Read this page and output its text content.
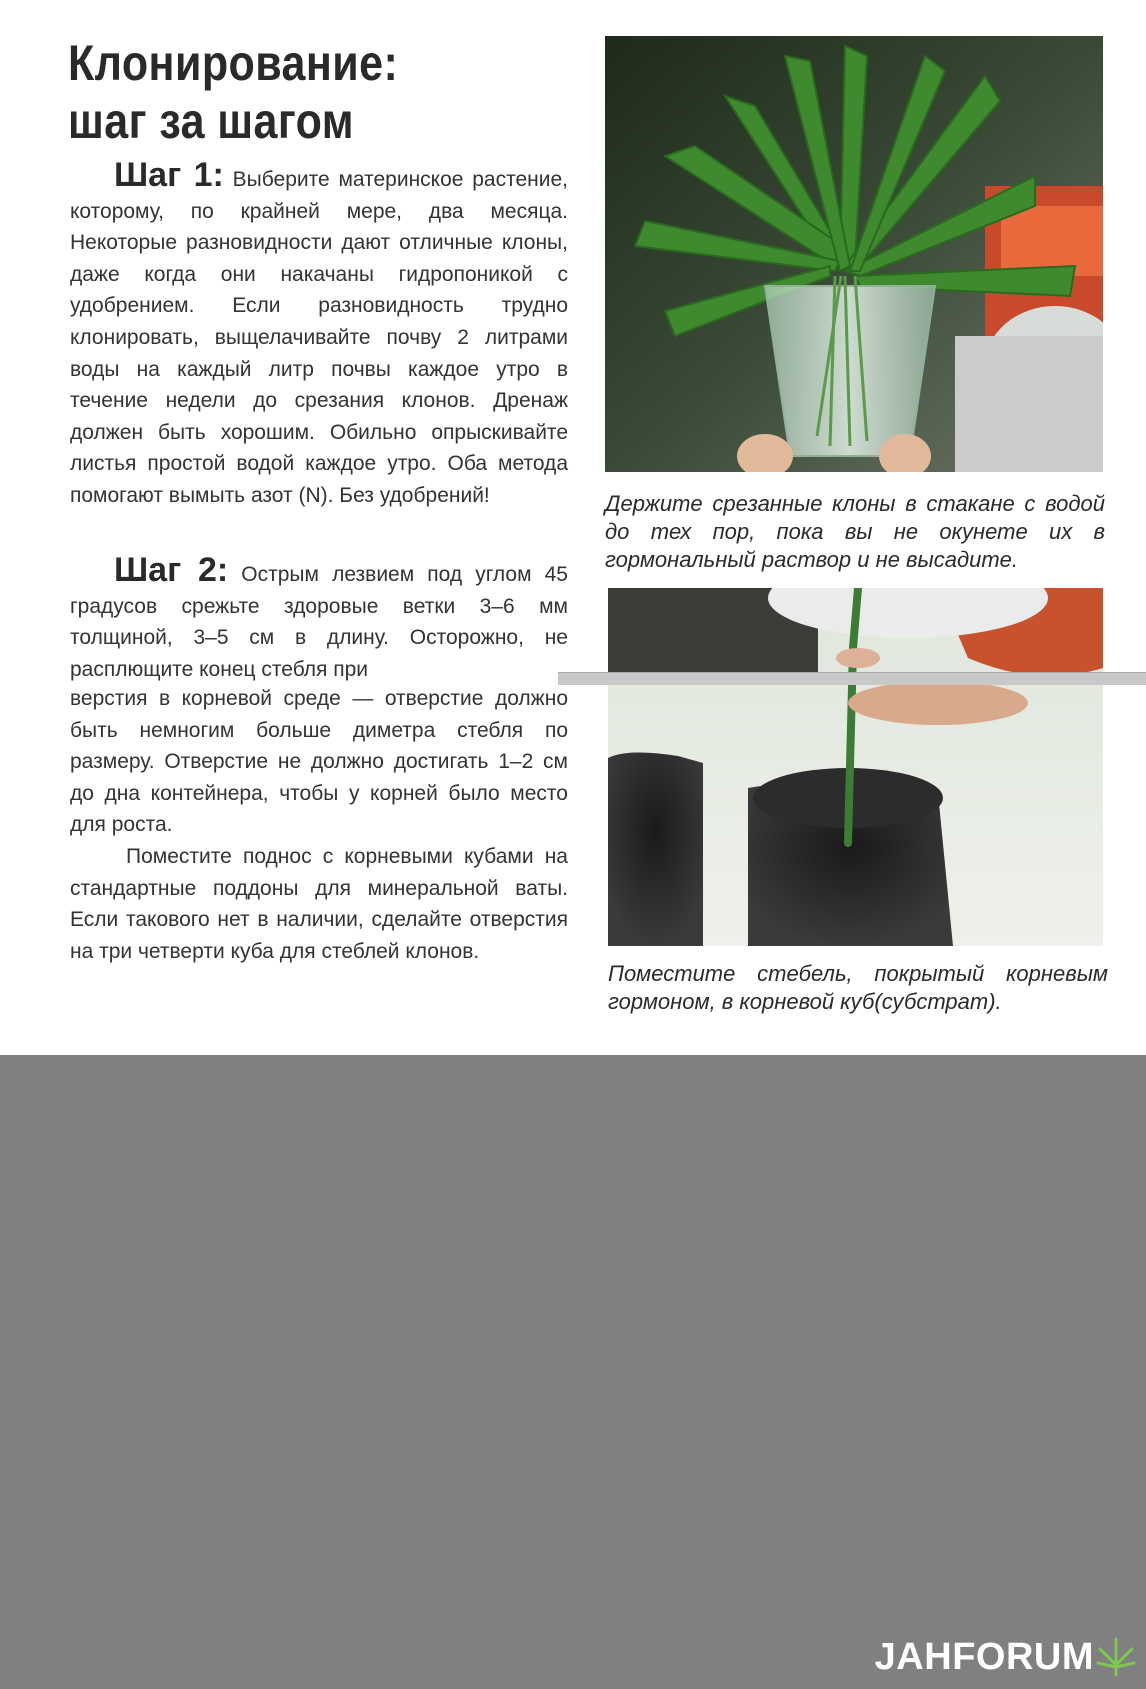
Клонирование:
шаг за шагом

Шаг 1: Выберите материнское растение, которому, по крайней мере, два месяца. Некоторые разновидности дают отличные клоны, даже когда они накачаны гидропоникой с удобрением. Если разновидность трудно клонировать, выщелачивайте почву 2 литрами воды на каждый литр почвы каждое утро в течение недели до срезания клонов. Дренаж должен быть хорошим. Обильно опрыскивайте листья простой водой каждое утро. Оба метода помогают вымыть азот (N). Без удобрений!

Шаг 2: Острым лезвием под углом 45 градусов срежьте здоровые ветки 3–6 мм толщиной, 3–5 см в длину. Осторожно, не расплющите конец стебля при

верстия в корневой среде — отверстие должно быть немногим больше диметра стебля по размеру. Отверстие не должно достигать 1–2 см до дна контейнера, чтобы у корней было место для роста.

Поместите поднос с корневыми кубами на стандартные поддоны для минеральной ваты. Если такового нет в наличии, сделайте отверстия на три четверти куба для стеблей клонов.

Держите срезанные клоны в стакане с водой до тех пор, пока вы не окунете их в гормональный раствор и не высадите.

Поместите стебель, покрытый корневым гормоном, в корневой куб(субстрат).

JAHFORUM
